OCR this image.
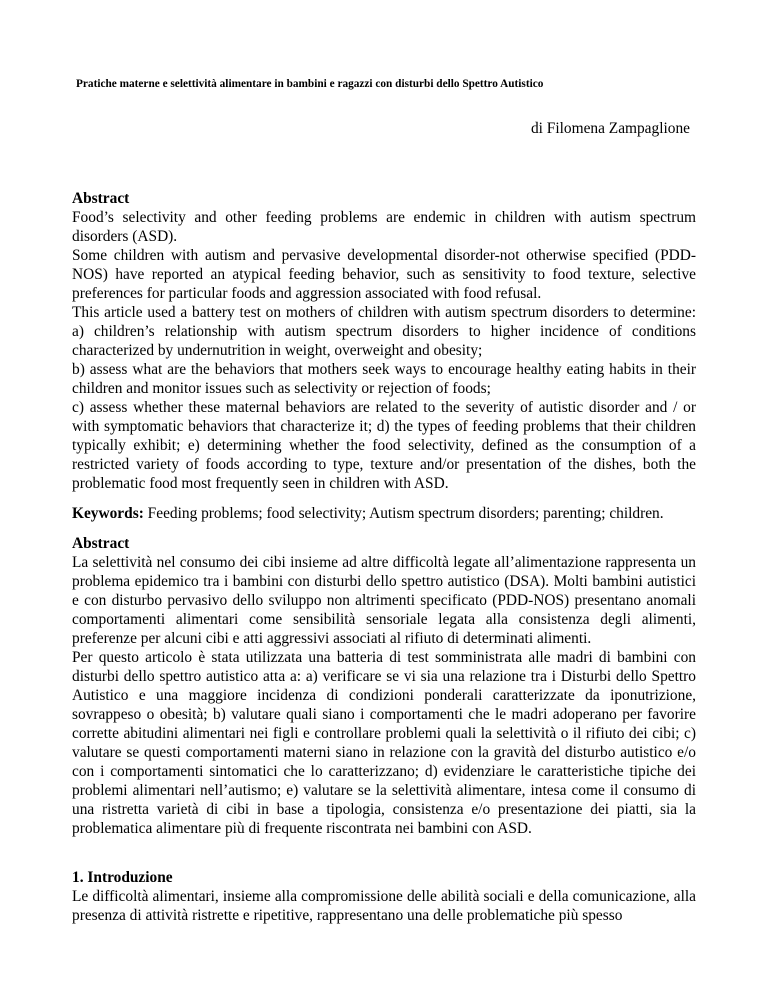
Pratiche materne e selettività alimentare in bambini e ragazzi con disturbi dello Spettro Autistico
di Filomena Zampaglione
Abstract

Food’s selectivity and other feeding problems are endemic in children with autism spectrum disorders (ASD).

Some children with autism and pervasive developmental disorder-not otherwise specified (PDD-NOS) have reported an atypical feeding behavior, such as sensitivity to food texture, selective preferences for particular foods and aggression associated with food refusal.

This article used a battery test on mothers of children with autism spectrum disorders to determine: a) children’s relationship with autism spectrum disorders to higher incidence of conditions characterized by undernutrition in weight, overweight and obesity;

b) assess what are the behaviors that mothers seek ways to encourage healthy eating habits in their children and monitor issues such as selectivity or rejection of foods;

c) assess whether these maternal behaviors are related to the severity of autistic disorder and / or with symptomatic behaviors that characterize it; d) the types of feeding problems that their children typically exhibit; e) determining whether the food selectivity, defined as the consumption of a restricted variety of foods according to type, texture and/or presentation of the dishes, both the problematic food most frequently seen in children with ASD.

Keywords: Feeding problems; food selectivity; Autism spectrum disorders; parenting; children.

Abstract

La selettività nel consumo dei cibi insieme ad altre difficoltà legate all’alimentazione rappresenta un problema epidemico tra i bambini con disturbi dello spettro autistico (DSA). Molti bambini autistici e con disturbo pervasivo dello sviluppo non altrimenti specificato (PDD-NOS) presentano anomali comportamenti alimentari come sensibilità sensoriale legata alla consistenza degli alimenti, preferenze per alcuni cibi e atti aggressivi associati al rifiuto di determinati alimenti.

Per questo articolo è stata utilizzata una batteria di test somministrata alle madri di bambini con disturbi dello spettro autistico atta a: a) verificare se vi sia una relazione tra i Disturbi dello Spettro Autistico e una maggiore incidenza di condizioni ponderali caratterizzate da iponutrizione, sovrappeso o obesità; b) valutare quali siano i comportamenti che le madri adoperano per favorire corrette abitudini alimentari nei figli e controllare problemi quali la selettività o il rifiuto dei cibi; c) valutare se questi comportamenti materni siano in relazione con la gravità del disturbo autistico e/o con i comportamenti sintomatici che lo caratterizzano; d) evidenziare le caratteristiche tipiche dei problemi alimentari nell’autismo; e) valutare se la selettività alimentare, intesa come il consumo di una ristretta varietà di cibi in base a tipologia, consistenza e/o presentazione dei piatti, sia la problematica alimentare più di frequente riscontrata nei bambini con ASD.

1. Introduzione

Le difficoltà alimentari, insieme alla compromissione delle abilità sociali e della comunicazione, alla presenza di attività ristrette e ripetitive, rappresentano una delle problematiche più spesso
